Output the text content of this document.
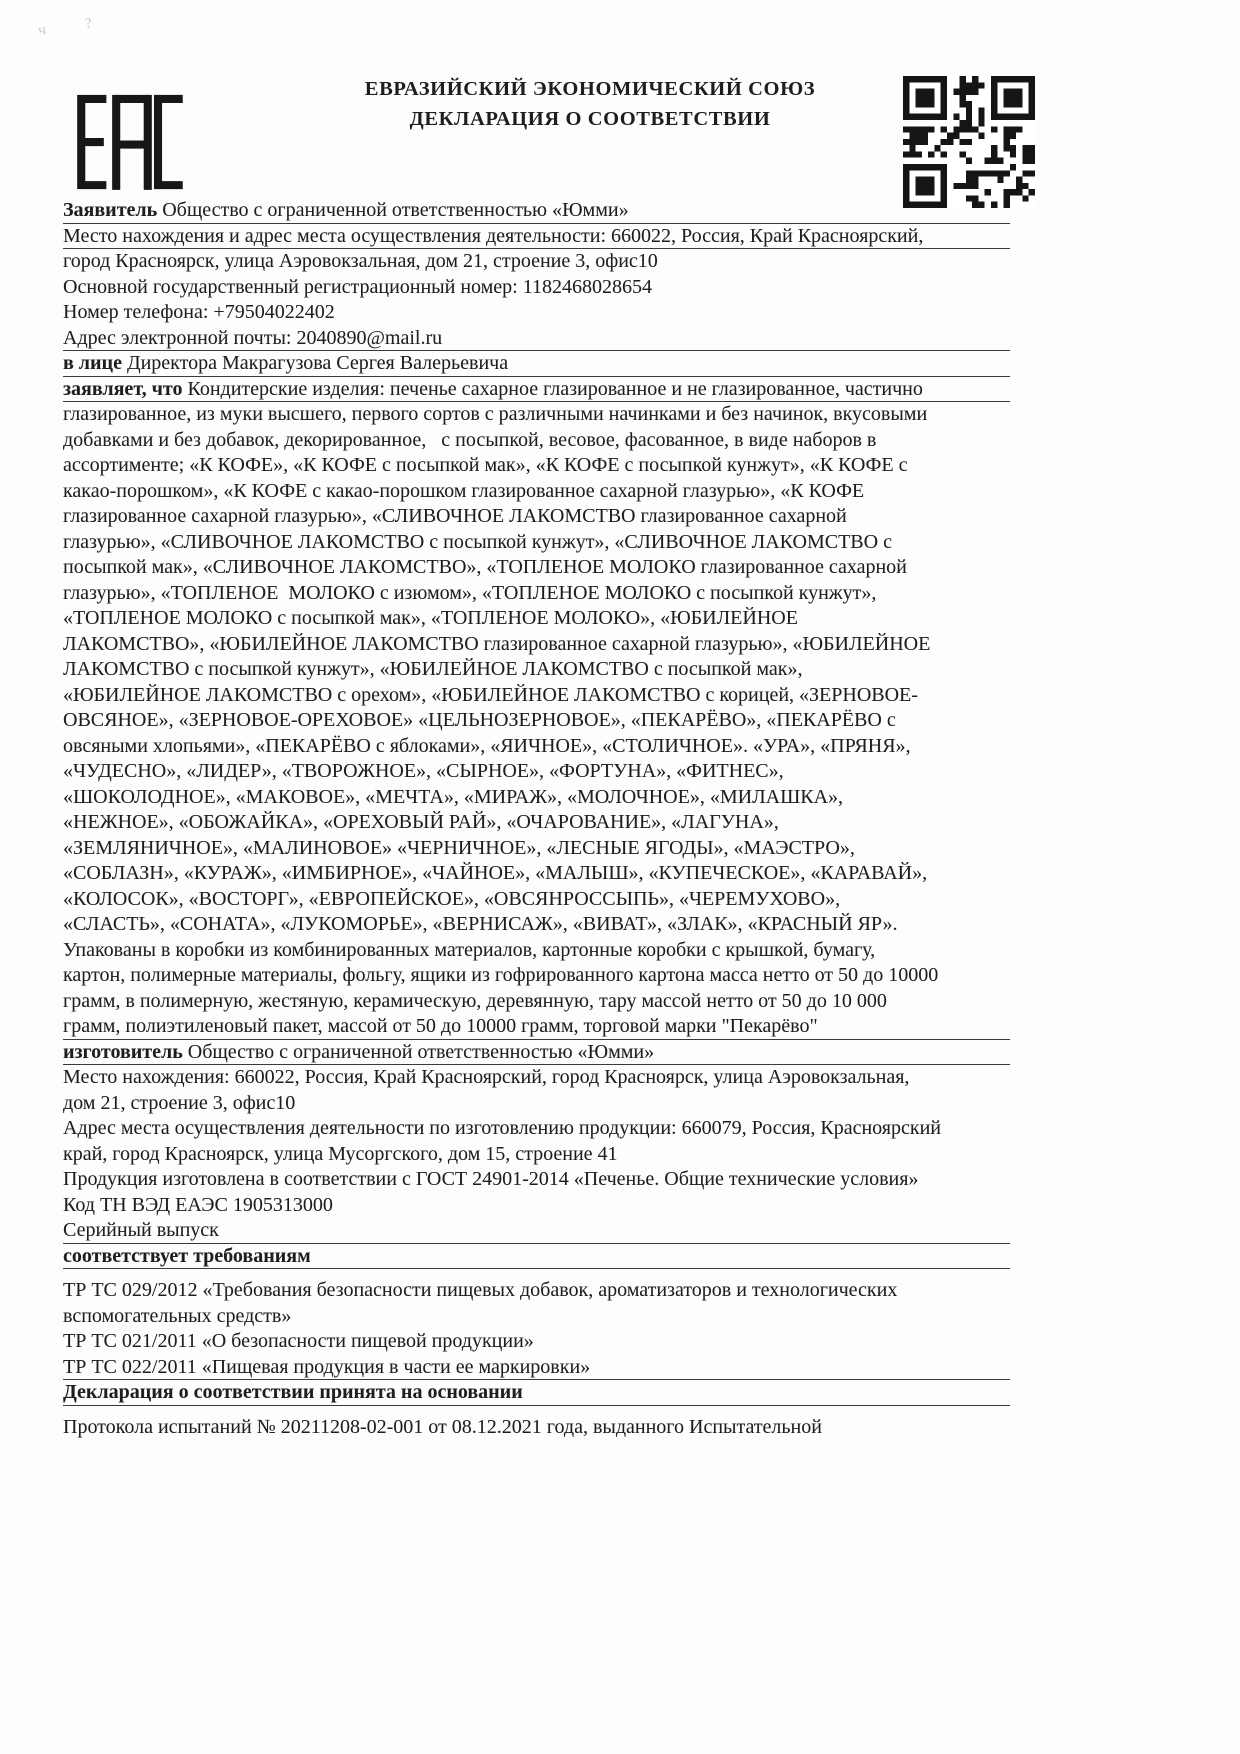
ч ?
ЕВРАЗИЙСКИЙ ЭКОНОМИЧЕСКИЙ СОЮЗ
ДЕКЛАРАЦИЯ О СООТВЕТСТВИИ
Заявитель Общество с ограниченной ответственностью «Юмми»
Место нахождения и адрес места осуществления деятельности: 660022, Россия, Край Красноярский,
город Красноярск, улица Аэровокзальная, дом 21, строение 3, офис10
Основной государственный регистрационный номер: 1182468028654
Номер телефона: +79504022402
Адрес электронной почты: 2040890@mail.ru
в лице Директора Макрагузова Сергея Валерьевича
заявляет, что Кондитерские изделия: печенье сахарное глазированное и не глазированное, частично
глазированное, из муки высшего, первого сортов с различными начинками и без начинок, вкусовыми
добавками и без добавок, декорированное,   с посыпкой, весовое, фасованное, в виде наборов в
ассортименте; «К КОФЕ», «К КОФЕ с посыпкой мак», «К КОФЕ с посыпкой кунжут», «К КОФЕ с
какао-порошком», «К КОФЕ с какао-порошком глазированное сахарной глазурью», «К КОФЕ
глазированное сахарной глазурью», «СЛИВОЧНОЕ ЛАКОМСТВО глазированное сахарной
глазурью», «СЛИВОЧНОЕ ЛАКОМСТВО с посыпкой кунжут», «СЛИВОЧНОЕ ЛАКОМСТВО с
посыпкой мак», «СЛИВОЧНОЕ ЛАКОМСТВО», «ТОПЛЕНОЕ МОЛОКО глазированное сахарной
глазурью», «ТОПЛЕНОЕ  МОЛОКО с изюмом», «ТОПЛЕНОЕ МОЛОКО с посыпкой кунжут»,
«ТОПЛЕНОЕ МОЛОКО с посыпкой мак», «ТОПЛЕНОЕ МОЛОКО», «ЮБИЛЕЙНОЕ
ЛАКОМСТВО», «ЮБИЛЕЙНОЕ ЛАКОМСТВО глазированное сахарной глазурью», «ЮБИЛЕЙНОЕ
ЛАКОМСТВО с посыпкой кунжут», «ЮБИЛЕЙНОЕ ЛАКОМСТВО с посыпкой мак»,
«ЮБИЛЕЙНОЕ ЛАКОМСТВО с орехом», «ЮБИЛЕЙНОЕ ЛАКОМСТВО с корицей, «ЗЕРНОВОЕ-
ОВСЯНОЕ», «ЗЕРНОВОЕ-ОРЕХОВОЕ» «ЦЕЛЬНОЗЕРНОВОЕ», «ПЕКАРЁВО», «ПЕКАРЁВО с
овсяными хлопьями», «ПЕКАРЁВО с яблоками», «ЯИЧНОЕ», «СТОЛИЧНОЕ». «УРА», «ПРЯНЯ»,
«ЧУДЕСНО», «ЛИДЕР», «ТВОРОЖНОЕ», «СЫРНОЕ», «ФОРТУНА», «ФИТНЕС»,
«ШОКОЛОДНОЕ», «МАКОВОЕ», «МЕЧТА», «МИРАЖ», «МОЛОЧНОЕ», «МИЛАШКА»,
«НЕЖНОЕ», «ОБОЖАЙКА», «ОРЕХОВЫЙ РАЙ», «ОЧАРОВАНИЕ», «ЛАГУНА»,
«ЗЕМЛЯНИЧНОЕ», «МАЛИНОВОЕ» «ЧЕРНИЧНОЕ», «ЛЕСНЫЕ ЯГОДЫ», «МАЭСТРО»,
«СОБЛАЗН», «КУРАЖ», «ИМБИРНОЕ», «ЧАЙНОЕ», «МАЛЫШ», «КУПЕЧЕСКОЕ», «КАРАВАЙ»,
«КОЛОСОК», «ВОСТОРГ», «ЕВРОПЕЙСКОЕ», «ОВСЯНРОССЫПЬ», «ЧЕРЕМУХОВО»,
«СЛАСТЬ», «СОНАТА», «ЛУКОМОРЬЕ», «ВЕРНИСАЖ», «ВИВАТ», «ЗЛАК», «КРАСНЫЙ ЯР».
Упакованы в коробки из комбинированных материалов, картонные коробки с крышкой, бумагу,
картон, полимерные материалы, фольгу, ящики из гофрированного картона масса нетто от 50 до 10000
грамм, в полимерную, жестяную, керамическую, деревянную, тару массой нетто от 50 до 10 000
грамм, полиэтиленовый пакет, массой от 50 до 10000 грамм, торговой марки "Пекарёво"
изготовитель Общество с ограниченной ответственностью «Юмми»
Место нахождения: 660022, Россия, Край Красноярский, город Красноярск, улица Аэровокзальная,
дом 21, строение 3, офис10
Адрес места осуществления деятельности по изготовлению продукции: 660079, Россия, Красноярский
край, город Красноярск, улица Мусоргского, дом 15, строение 41
Продукция изготовлена в соответствии с ГОСТ 24901-2014 «Печенье. Общие технические условия»
Код ТН ВЭД ЕАЭС 1905313000
Серийный выпуск
соответствует требованиям
ТР ТС 029/2012 «Требования безопасности пищевых добавок, ароматизаторов и технологических
вспомогательных средств»
ТР ТС 021/2011 «О безопасности пищевой продукции»
ТР ТС 022/2011 «Пищевая продукция в части ее маркировки»
Декларация о соответствии принята на основании
Протокола испытаний № 20211208-02-001 от 08.12.2021 года, выданного Испытательной
